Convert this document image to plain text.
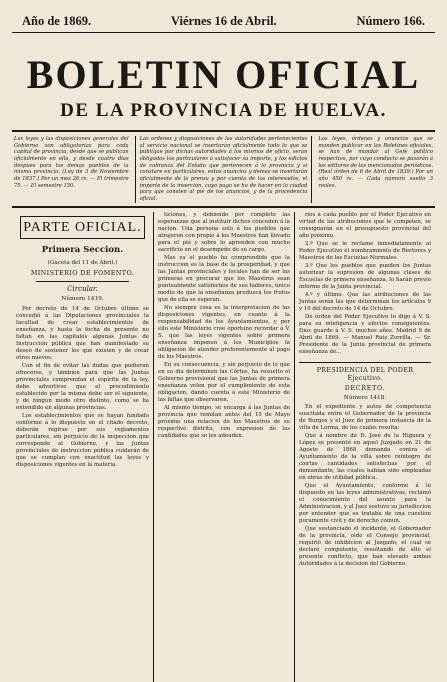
Año de 1869.	Viérnes 16 de Abril.	Número 166.
BOLETIN OFICIAL
DE LA PROVINCIA DE HUELVA.

Las leyes y las disposiciones generales del Gobierno son obligatorias para cada capital de provincia, desde que se publican oficialmente en ella, y desde cuatro dias despues para los demas pueblos de la misma provincia. (Ley de 3 de Noviembre de 1837.) Por un mes 26 rs. — El trimestre 75. — El semestre 150.

Las ordenes y disposiciones de las autoridades pertenecientes al servicio nacional se insertarán oficialmente todo lo que se publique por dichas autoridades á los mismos de oficio, serán obligados los particulares á satisfacer su importe, y los edictos de cobranza del Estado que pertenecen á la provincia y si constare en particulares, estos anuncios y demas se insertarán oficialmente de la prensa y por cuenta de los interesados, el importe de la insercion, cuyo pago se ha de hacer en la ciudad para que consten al pié de los anuncios, y de la procedencia oficial.

Los leyes, órdenes y anuncios que se manden publicar en los Boletines oficiales, se han de mandar al Gefe político respectivo, por cuyo conducto se pasarán á los editores de los mencionados periódicos. (Real órden de 6 de Abril de 1839.) Por un año 450 rs. — Cada número suelto 3 reales.

PARTE OFICIAL.
Primera Seccion.
(Gaceta del 11 de Abril.)
MINISTERIO DE FOMENTO.
Circular.
Número 1419.

Por decreto de 14 de Octubre último se concedió á las Diputaciones provinciales la facultad de crear establecimientos de enseñanza, y hasta la fecha de presente no faltan en las capitales algunas Juntas de Instruccion pública que han manifestado su deseo de sostener los que existen y de crear otros nuevos.

Con el fin de evitar las dudas que pudieran ofrecerse, y tambien para que las Juntas provinciales comprendan el espíritu de la ley, debe advertirse que el procedimiento establecido por la misma debe ser el siguiente, y de ningun modo otro distinto, como se ha entendido en algunas provincias.

Los establecimientos que se hayan fundado conforme á lo dispuesto en el citado decreto, deberán regirse por sus reglamentos particulares, sin perjuicio de la inspeccion que corresponde al Gobierno, y las Juntas provinciales de instruccion pública cuidarán de que se cumplan con exactitud las leyes y disposiciones vigentes en la materia.

ticiones, y debiendo por completo las esperanzas que al instituir dichos conceden á la nacion. Una persona solo á los pueblos que atrajeron con propio á los Maestros han llevado para el pié y sobre lo aprenden con mucho sacrificio en el desempeño de su cargo.

Mas ya el pueblo ha comprendido que la instruccion es la base de la prosperidad, y que las Juntas provinciales y locales han de ser las primeras en procurar que los Maestros sean puntualmente satisfechos de sus haberes, único medio de que la enseñanza produzca los frutos que de ella se esperan.

No siempre cosa es la interpretacion de las disposiciones vigentes, en cuanto á la responsabilidad de los Ayuntamientos, y por ello este Ministerio cree oportuno recordar á V. S. que las leyes vigentes sobre primera enseñanza imponen á los Municipios la obligacion de atender preferentemente al pago de los Maestros.

En su consecuencia, y sin perjuicio de lo que en su dia determinen las Córtes, ha resuelto el Gobierno provisional que las Juntas de primera enseñanza velen por el cumplimiento de esta obligacion, dando cuenta á este Ministerio de las faltas que observaren.

Al mismo tiempo, se encarga á las Juntas de provincia que remitan antes del 15 de Mayo próximo una relacion de los Maestros de su respectivo distrito, con expresion de las cantidades que se les adeuden.

rios á cada pueblo por el Poder Ejecutivo en virtud de las atribuciones que le competen, se consignarán en el presupuesto provincial del año próximo.

2.º Que se le reclame inmediatamente al Poder Ejecutivo el nombramiento de Rectores y Maestros de las Escuelas Normales.

3.º Que los pueblos que pueden los Juntas autorizar la supresion de algunas clases de Escuelas de primera enseñanza, lo harán previo informe de la Junta provincial.

4.º y último. Que las atribuciones de las Juntas serán las que determinan los artículos 9 y 10 del decreto de 14 de Octubre.

De órden del Poder Ejecutivo lo digo á V. S. para su inteligencia y efectos consiguientes. Dios guarde á V. S. muchos años. Madrid 9 de Abril de 1869. — Manuel Ruiz Zorrilla. — Sr. Presidente de la Junta provincial de primera enseñanza de...

PRESIDENCIA DEL PODER Ejecutivo.
DECRETO.
Número 1418.

En el expediente y autos de competencia suscitada entre el Gobernador de la provincia de Burgos y el Juez de primera instancia de la villa de Lerma, de los cuales resulta:

Que á nombre de D. José de la Higuera y López se presentó en aquel Juzgado en 21 de Agosto de 1868 demanda contra el Ayuntamiento de la villa sobre reintegro de ciertas cantidades satisfechas por el demandante, las cuales habian sido empleadas en obras de utilidad pública.

Que el Ayuntamiento, conforme á lo dispuesto en las leyes administrativas, reclamó el conocimiento del asunto para la Administracion, y el Juez sostuvo su jurisdiccion por entender que se trataba de una cuestion puramente civil y de derecho comun.

Que sustanciado el incidente, el Gobernador de la provincia, oido el Consejo provincial, requirió de inhibicion al Juzgado, el cual se declaró competente, resultando de ello el presente conflicto, que han elevado ambas Autoridades á la decision del Gobierno.
